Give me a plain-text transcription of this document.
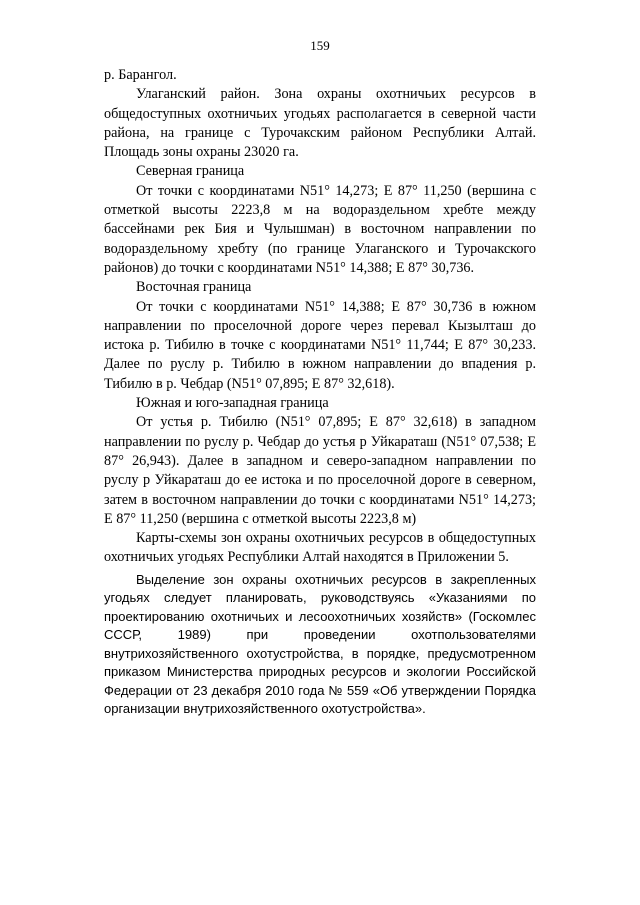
159

р. Барангол.

Улаганский район. Зона охраны охотничьих ресурсов в общедоступных охотничьих угодьях располагается в северной части района, на границе с Турочакским районом Республики Алтай. Площадь зоны охраны 23020 га.

Северная граница

От точки с координатами N51° 14,273; E 87° 11,250 (вершина с отметкой высоты 2223,8 м на водораздельном хребте между бассейнами рек Бия и Чулышман) в восточном направлении по водораздельному хребту (по границе Улаганского и Турочакского районов) до точки с координатами N51° 14,388; E 87° 30,736.

Восточная граница

От точки с координатами N51° 14,388; E 87° 30,736 в южном направлении по проселочной дороге через перевал Кызылташ до истока р. Тибилю в точке с координатами N51° 11,744; E 87° 30,233. Далее по руслу р. Тибилю в южном направлении до впадения р. Тибилю в р. Чебдар (N51° 07,895; E 87° 32,618).

Южная и юго-западная граница

От устья р. Тибилю (N51° 07,895; E 87° 32,618) в западном направлении по руслу р. Чебдар до устья р Уйкараташ (N51° 07,538; E 87° 26,943). Далее в западном и северо-западном направлении по руслу р Уйкараташ до ее истока и по проселочной дороге в северном, затем в восточном направлении до точки с координатами N51° 14,273; E 87° 11,250 (вершина с отметкой высоты 2223,8 м)

Карты-схемы зон охраны охотничьих ресурсов в общедоступных охотничьих угодьях Республики Алтай находятся в Приложении 5.

Выделение зон охраны охотничьих ресурсов в закрепленных угодьях следует планировать, руководствуясь «Указаниями по проектированию охотничьих и лесоохотничьих хозяйств» (Госкомлес СССР, 1989) при проведении охотпользователями внутрихозяйственного охотустройства, в порядке, предусмотренном приказом Министерства природных ресурсов и экологии Российской Федерации от 23 декабря 2010 года № 559 «Об утверждении Порядка организации внутрихозяйственного охотустройства».
